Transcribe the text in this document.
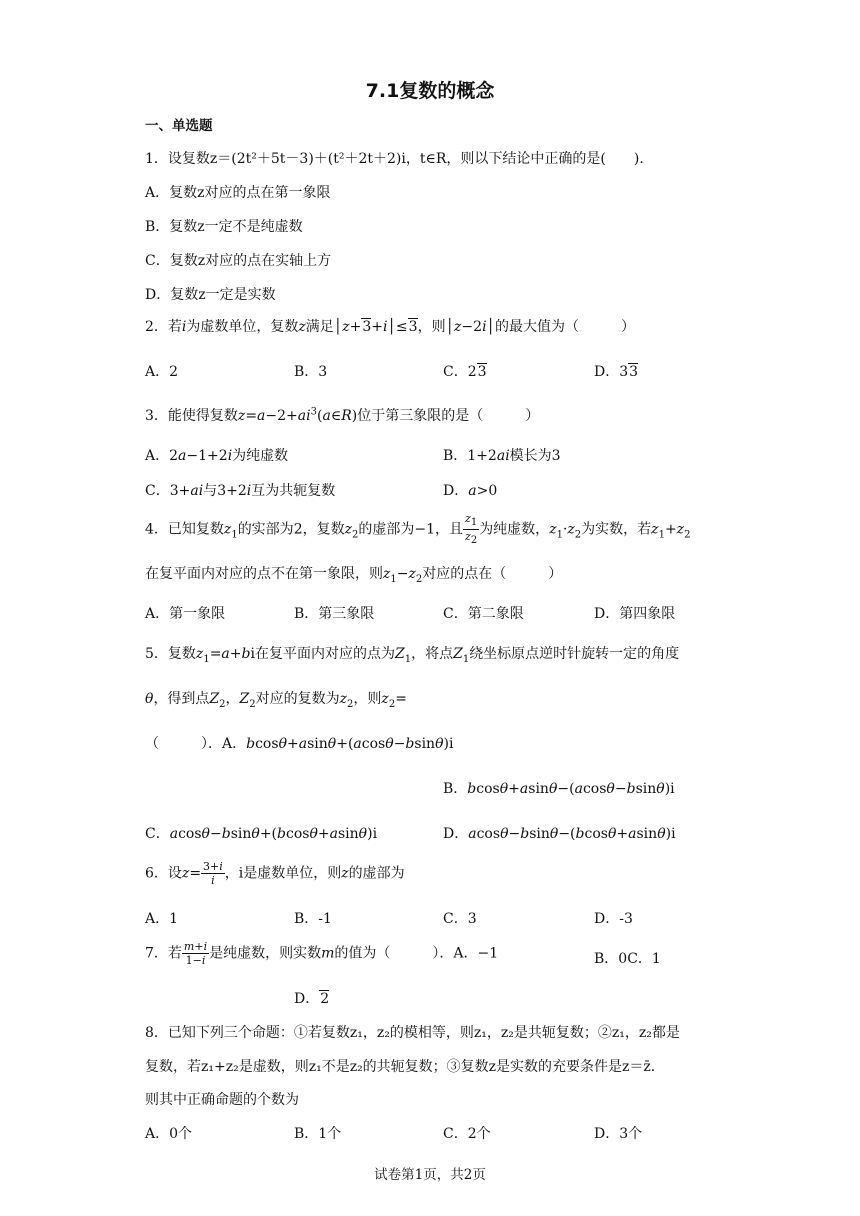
7.1复数的概念
一、单选题
1．设复数z＝(2t²＋5t－3)＋(t²＋2t＋2)i，t∈R，则以下结论中正确的是(　　).
A．复数z对应的点在第一象限
B．复数z一定不是纯虚数
C．复数z对应的点在实轴上方
D．复数z一定是实数
2．若i为虚数单位，复数z满足│z+3+i│≤3，则│z−2i│的最大值为（　　　）
A．2	B．3	C．23	D．33
3．能使得复数$z=a-2+ai^3(a\in R)$位于第三象限的是（　　　）
A．2a−1+2i为纯虚数	B．1+2ai模长为3
C．3+ai与3+2i互为共轭复数	D．a>0
4．已知复数$z_1$的实部为2，复数$z_2$的虚部为−1，且 $\frac{z_1}{z_2}$ 为纯虚数，$z_1\cdot z_2$为实数，若$z_1+z_2$
在复平面内对应的点不在第一象限，则$z_1-z_2$对应的点在（　　　）
A．第一象限	B．第三象限	C．第二象限	D．第四象限
5．复数$z_1=a+bi$在复平面内对应的点为$Z_1$，将点$Z_1$绕坐标原点逆时针旋转一定的角度
θ，得到点$Z_2$，$Z_2$对应的复数为$z_2$，则$z_2=$
（　　　）．A．bcosθ+asinθ+(acosθ−bsinθ)i
B．bcosθ+asinθ−(acosθ−bsinθ)i
C．acosθ−bsinθ+(bcosθ+asinθ)i	D．acosθ−bsinθ−(bcosθ+asinθ)i
6．设$z= \frac{3+i}{i}$ ，i是虚数单位，则z的虚部为
A．1	B．-1	C．3	D．-3
7．若 $\frac{m+i}{1-i}$ 是纯虚数，则实数m的值为（　　　）．A．−1	B．0C．1
D．2
8．已知下列三个命题：①若复数z₁，z₂的模相等，则z₁，z₂是共轭复数；②z₁，z₂都是
复数，若z₁+z₂是虚数，则z₁不是z₂的共轭复数；③复数z是实数的充要条件是z＝z̄．
则其中正确命题的个数为
A．0个	B．1个	C．2个	D．3个
试卷第1页，共2页
